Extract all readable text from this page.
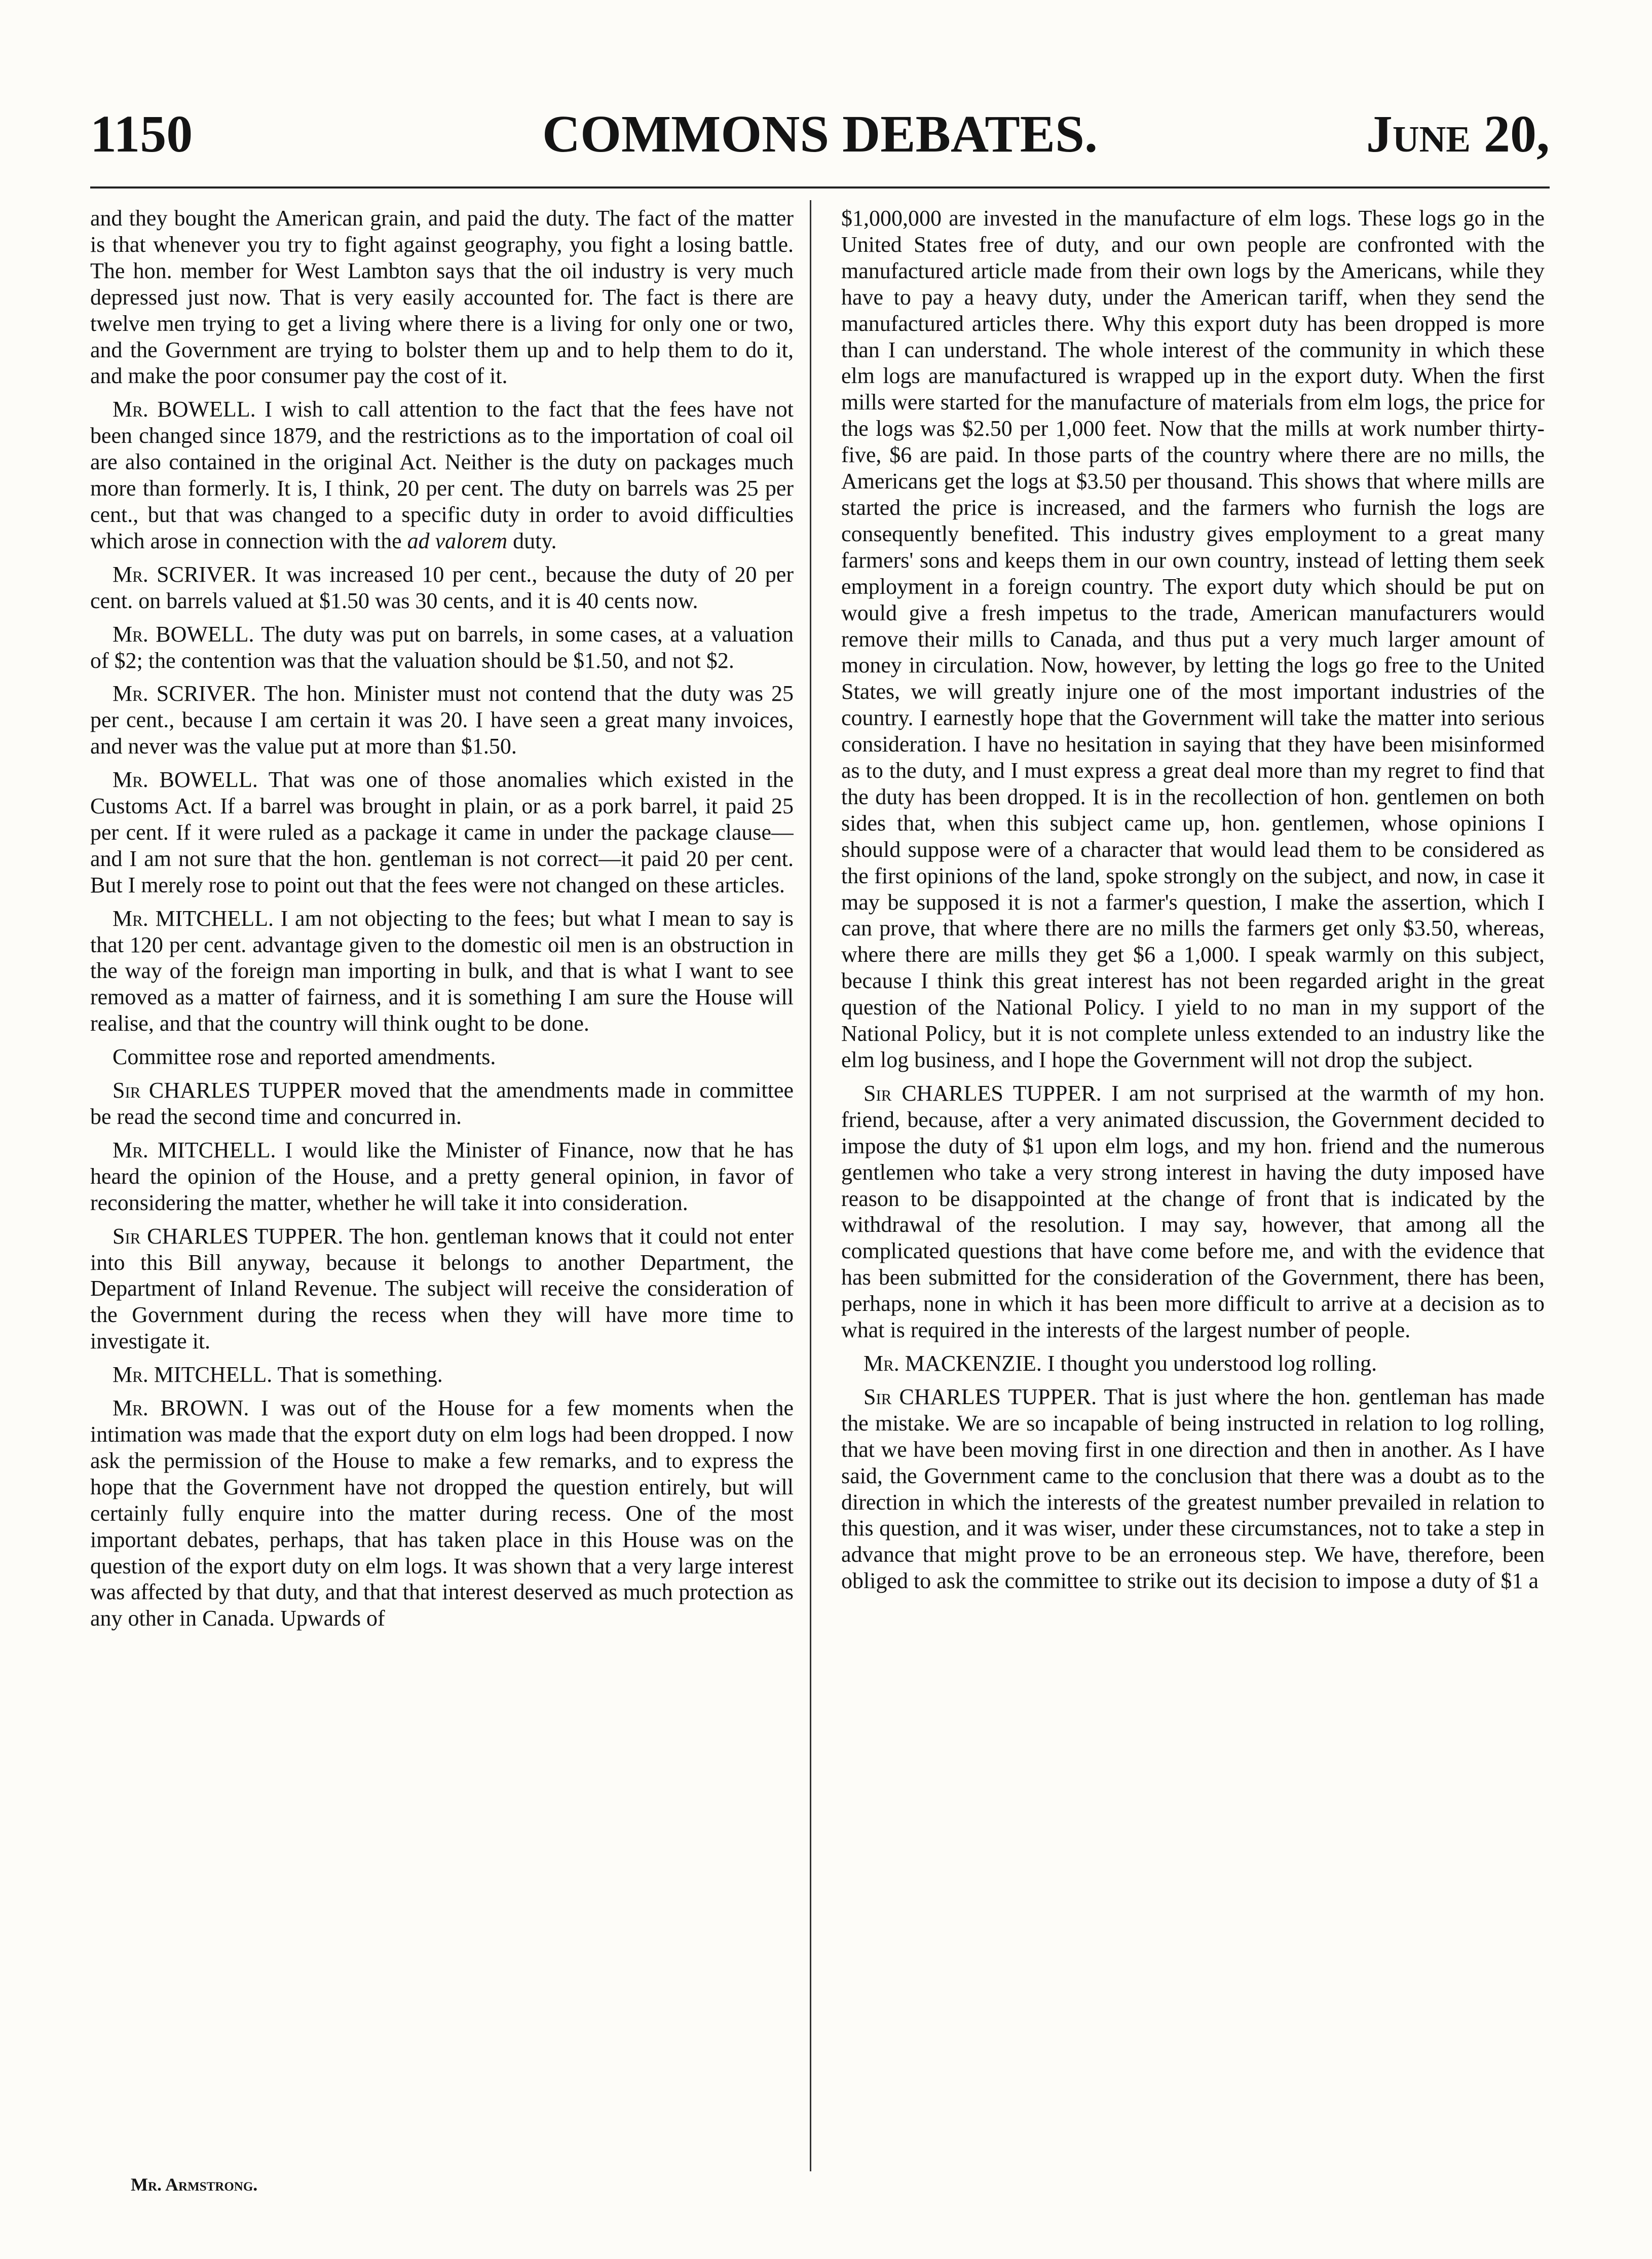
1150	COMMONS DEBATES.	June 20,

and they bought the American grain, and paid the duty. The fact of the matter is that whenever you try to fight against geography, you fight a losing battle. The hon. member for West Lambton says that the oil industry is very much depressed just now. That is very easily accounted for. The fact is there are twelve men trying to get a living where there is a living for only one or two, and the Government are trying to bolster them up and to help them to do it, and make the poor consumer pay the cost of it.

Mr. BOWELL. I wish to call attention to the fact that the fees have not been changed since 1879, and the restrictions as to the importation of coal oil are also contained in the original Act. Neither is the duty on packages much more than formerly. It is, I think, 20 per cent. The duty on barrels was 25 per cent., but that was changed to a specific duty in order to avoid difficulties which arose in connection with the ad valorem duty.

Mr. SCRIVER. It was increased 10 per cent., because the duty of 20 per cent. on barrels valued at $1.50 was 30 cents, and it is 40 cents now.

Mr. BOWELL. The duty was put on barrels, in some cases, at a valuation of $2; the contention was that the valuation should be $1.50, and not $2.

Mr. SCRIVER. The hon. Minister must not contend that the duty was 25 per cent., because I am certain it was 20. I have seen a great many invoices, and never was the value put at more than $1.50.

Mr. BOWELL. That was one of those anomalies which existed in the Customs Act. If a barrel was brought in plain, or as a pork barrel, it paid 25 per cent. If it were ruled as a package it came in under the package clause—and I am not sure that the hon. gentleman is not correct—it paid 20 per cent. But I merely rose to point out that the fees were not changed on these articles.

Mr. MITCHELL. I am not objecting to the fees; but what I mean to say is that 120 per cent. advantage given to the domestic oil men is an obstruction in the way of the foreign man importing in bulk, and that is what I want to see removed as a matter of fairness, and it is something I am sure the House will realise, and that the country will think ought to be done.

Committee rose and reported amendments.

Sir CHARLES TUPPER moved that the amendments made in committee be read the second time and concurred in.

Mr. MITCHELL. I would like the Minister of Finance, now that he has heard the opinion of the House, and a pretty general opinion, in favor of reconsidering the matter, whether he will take it into consideration.

Sir CHARLES TUPPER. The hon. gentleman knows that it could not enter into this Bill anyway, because it belongs to another Department, the Department of Inland Revenue. The subject will receive the consideration of the Government during the recess when they will have more time to investigate it.

Mr. MITCHELL. That is something.

Mr. BROWN. I was out of the House for a few moments when the intimation was made that the export duty on elm logs had been dropped. I now ask the permission of the House to make a few remarks, and to express the hope that the Government have not dropped the question entirely, but will certainly fully enquire into the matter during recess. One of the most important debates, perhaps, that has taken place in this House was on the question of the export duty on elm logs. It was shown that a very large interest was affected by that duty, and that that interest deserved as much protection as any other in Canada. Upwards of

$1,000,000 are invested in the manufacture of elm logs. These logs go in the United States free of duty, and our own people are confronted with the manufactured article made from their own logs by the Americans, while they have to pay a heavy duty, under the American tariff, when they send the manufactured articles there. Why this export duty has been dropped is more than I can understand. The whole interest of the community in which these elm logs are manufactured is wrapped up in the export duty. When the first mills were started for the manufacture of materials from elm logs, the price for the logs was $2.50 per 1,000 feet. Now that the mills at work number thirty-five, $6 are paid. In those parts of the country where there are no mills, the Americans get the logs at $3.50 per thousand. This shows that where mills are started the price is increased, and the farmers who furnish the logs are consequently benefited. This industry gives employment to a great many farmers' sons and keeps them in our own country, instead of letting them seek employment in a foreign country. The export duty which should be put on would give a fresh impetus to the trade, American manufacturers would remove their mills to Canada, and thus put a very much larger amount of money in circulation. Now, however, by letting the logs go free to the United States, we will greatly injure one of the most important industries of the country. I earnestly hope that the Government will take the matter into serious consideration. I have no hesitation in saying that they have been misinformed as to the duty, and I must express a great deal more than my regret to find that the duty has been dropped. It is in the recollection of hon. gentlemen on both sides that, when this subject came up, hon. gentlemen, whose opinions I should suppose were of a character that would lead them to be considered as the first opinions of the land, spoke strongly on the subject, and now, in case it may be supposed it is not a farmer's question, I make the assertion, which I can prove, that where there are no mills the farmers get only $3.50, whereas, where there are mills they get $6 a 1,000. I speak warmly on this subject, because I think this great interest has not been regarded aright in the great question of the National Policy. I yield to no man in my support of the National Policy, but it is not complete unless extended to an industry like the elm log business, and I hope the Government will not drop the subject.

Sir CHARLES TUPPER. I am not surprised at the warmth of my hon. friend, because, after a very animated discussion, the Government decided to impose the duty of $1 upon elm logs, and my hon. friend and the numerous gentlemen who take a very strong interest in having the duty imposed have reason to be disappointed at the change of front that is indicated by the withdrawal of the resolution. I may say, however, that among all the complicated questions that have come before me, and with the evidence that has been submitted for the consideration of the Government, there has been, perhaps, none in which it has been more difficult to arrive at a decision as to what is required in the interests of the largest number of people.

Mr. MACKENZIE. I thought you understood log rolling.

Sir CHARLES TUPPER. That is just where the hon. gentleman has made the mistake. We are so incapable of being instructed in relation to log rolling, that we have been moving first in one direction and then in another. As I have said, the Government came to the conclusion that there was a doubt as to the direction in which the interests of the greatest number prevailed in relation to this question, and it was wiser, under these circumstances, not to take a step in advance that might prove to be an erroneous step. We have, therefore, been obliged to ask the committee to strike out its decision to impose a duty of $1 a

Mr. Armstrong.
